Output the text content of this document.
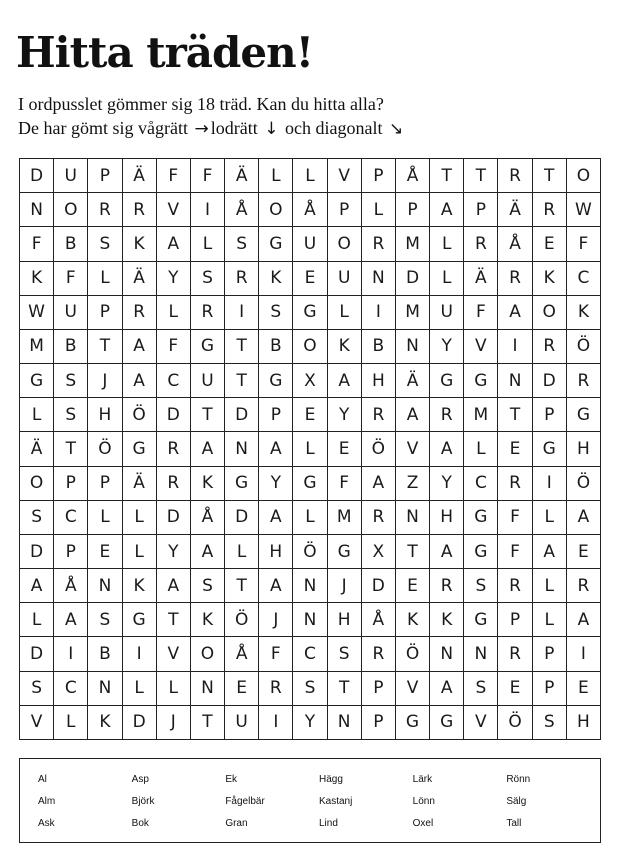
Hitta träden!
I ordpusslet gömmer sig 18 träd. Kan du hitta alla?
De har gömt sig vågrätt → lodrätt ↓ och diagonalt ↘
D	U	P	Ä	F	F	Ä	L	L	V	P	Å	T	T	R	T	O
N	O	R	R	V	I	Å	O	Å	P	L	P	A	P	Ä	R	W
F	B	S	K	A	L	S	G	U	O	R	M	L	R	Å	E	F
K	F	L	Ä	Y	S	R	K	E	U	N	D	L	Ä	R	K	C
W	U	P	R	L	R	I	S	G	L	I	M	U	F	A	O	K
M	B	T	A	F	G	T	B	O	K	B	N	Y	V	I	R	Ö
G	S	J	A	C	U	T	G	X	A	H	Ä	G	G	N	D	R
L	S	H	Ö	D	T	D	P	E	Y	R	A	R	M	T	P	G
Ä	T	Ö	G	R	A	N	A	L	E	Ö	V	A	L	E	G	H
O	P	P	Ä	R	K	G	Y	G	F	A	Z	Y	C	R	I	Ö
S	C	L	L	D	Å	D	A	L	M	R	N	H	G	F	L	A
D	P	E	L	Y	A	L	H	Ö	G	X	T	A	G	F	A	E
A	Å	N	K	A	S	T	A	N	J	D	E	R	S	R	L	R
L	A	S	G	T	K	Ö	J	N	H	Å	K	K	G	P	L	A
D	I	B	I	V	O	Å	F	C	S	R	Ö	N	N	R	P	I
S	C	N	L	L	N	E	R	S	T	P	V	A	S	E	P	E
V	L	K	D	J	T	U	I	Y	N	P	G	G	V	Ö	S	H
Al
Alm
Ask
Asp
Björk
Bok
Ek
Fågelbär
Gran
Hägg
Kastanj
Lind
Lärk
Lönn
Oxel
Rönn
Sälg
Tall
